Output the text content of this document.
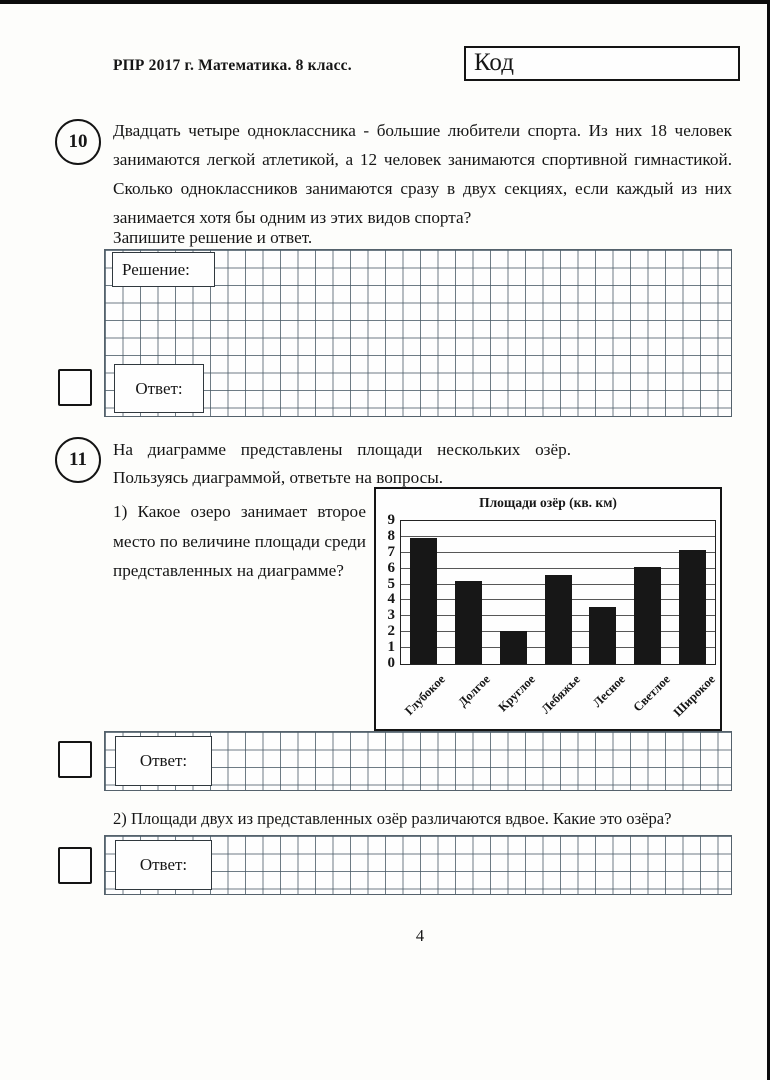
РПР 2017 г. Математика. 8 класс.	Код
10
Двадцать четыре одноклассника - большие любители спорта. Из них 18 человек занимаются легкой атлетикой, а 12 человек занимаются спортивной гимнастикой. Сколько одноклассников занимаются сразу в двух секциях, если каждый из них занимается хотя бы одним из этих видов спорта?
Запишите решение и ответ.
Решение:
Ответ:
11	На диаграмме представлены площади нескольких озёр. Пользуясь диаграммой, ответьте на вопросы.
1) Какое озеро занимает второе место по величине площади среди представленных на диаграмме?
Площади озёр (кв. км)
0
1
2
3
4
5
6
7
8
9
Глубокое Долгое Круглое Лебяжье Лесное Светлое
Широкое
Ответ:
2) Площади двух из представленных озёр различаются вдвое. Какие это озёра?
Ответ:
4
